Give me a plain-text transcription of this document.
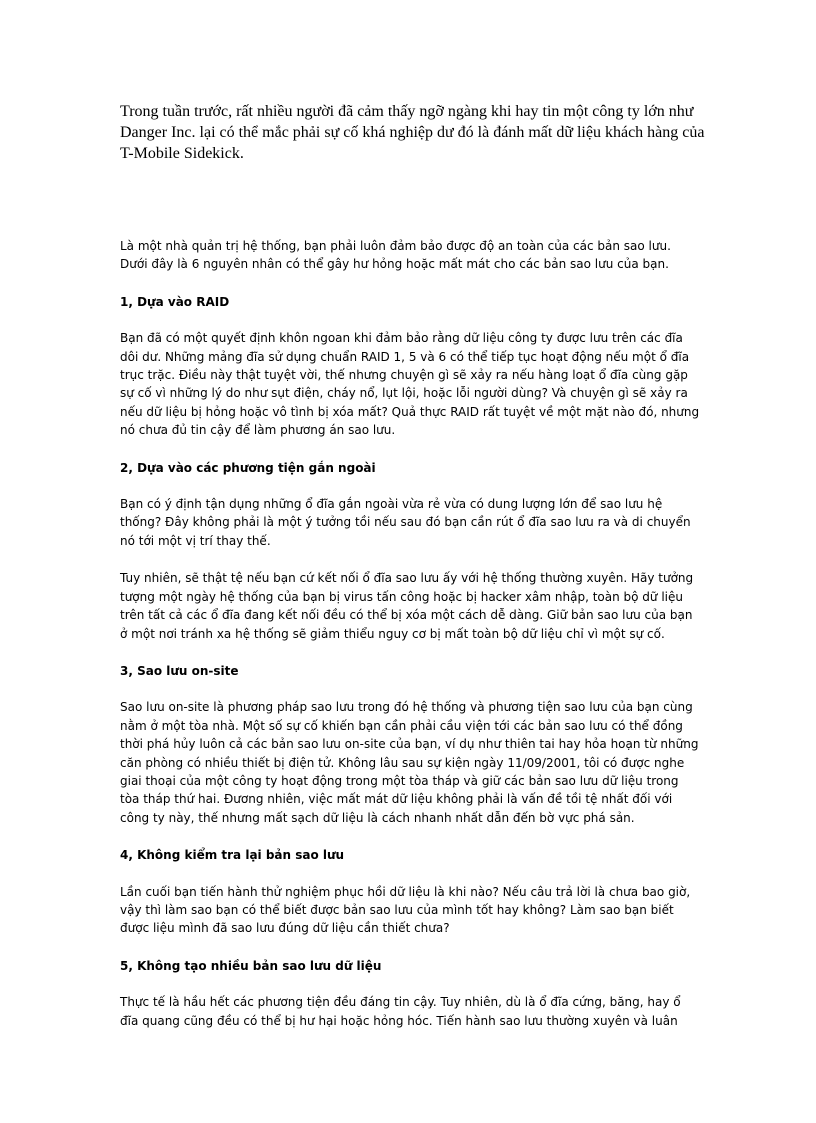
Trong tuần trước, rất nhiều người đã cảm thấy ngỡ ngàng khi hay tin một công ty lớn như Danger Inc. lại có thể mắc phải sự cố khá nghiệp dư đó là đánh mất dữ liệu khách hàng của T-Mobile Sidekick.

Là một nhà quản trị hệ thống, bạn phải luôn đảm bảo được độ an toàn của các bản sao lưu. Dưới đây là 6 nguyên nhân có thể gây hư hỏng hoặc mất mát cho các bản sao lưu của bạn.

1, Dựa vào RAID

Bạn đã có một quyết định khôn ngoan khi đảm bảo rằng dữ liệu công ty được lưu trên các đĩa dôi dư. Những mảng đĩa sử dụng chuẩn RAID 1, 5 và 6 có thể tiếp tục hoạt động nếu một ổ đĩa trục trặc. Điều này thật tuyệt vời, thế nhưng chuyện gì sẽ xảy ra nếu hàng loạt ổ đĩa cùng gặp sự cố vì những lý do như sụt điện, cháy nổ, lụt lội, hoặc lỗi người dùng? Và chuyện gì sẽ xảy ra nếu dữ liệu bị hỏng hoặc vô tình bị xóa mất? Quả thực RAID rất tuyệt về một mặt nào đó, nhưng nó chưa đủ tin cậy để làm phương án sao lưu.

2, Dựa vào các phương tiện gắn ngoài

Bạn có ý định tận dụng những ổ đĩa gắn ngoài vừa rẻ vừa có dung lượng lớn để sao lưu hệ thống? Đây không phải là một ý tưởng tồi nếu sau đó bạn cần rút ổ đĩa sao lưu ra và di chuyển nó tới một vị trí thay thế.

Tuy nhiên, sẽ thật tệ nếu bạn cứ kết nối ổ đĩa sao lưu ấy với hệ thống thường xuyên. Hãy tưởng tượng một ngày hệ thống của bạn bị virus tấn công hoặc bị hacker xâm nhập, toàn bộ dữ liệu trên tất cả các ổ đĩa đang kết nối đều có thể bị xóa một cách dễ dàng. Giữ bản sao lưu của bạn ở một nơi tránh xa hệ thống sẽ giảm thiểu nguy cơ bị mất toàn bộ dữ liệu chỉ vì một sự cố.

3, Sao lưu on-site

Sao lưu on-site là phương pháp sao lưu trong đó hệ thống và phương tiện sao lưu của bạn cùng nằm ở một tòa nhà. Một số sự cố khiến bạn cần phải cầu viện tới các bản sao lưu có thể đồng thời phá hủy luôn cả các bản sao lưu on-site của bạn, ví dụ như thiên tai hay hỏa hoạn từ những căn phòng có nhiều thiết bị điện tử. Không lâu sau sự kiện ngày 11/09/2001, tôi có được nghe giai thoại của một công ty hoạt động trong một tòa tháp và giữ các bản sao lưu dữ liệu trong tòa tháp thứ hai. Đương nhiên, việc mất mát dữ liệu không phải là vấn đề tồi tệ nhất đối với công ty này, thế nhưng mất sạch dữ liệu là cách nhanh nhất dẫn đến bờ vực phá sản.

4, Không kiểm tra lại bản sao lưu

Lần cuối bạn tiến hành thử nghiệm phục hồi dữ liệu là khi nào? Nếu câu trả lời là chưa bao giờ, vậy thì làm sao bạn có thể biết được bản sao lưu của mình tốt hay không? Làm sao bạn biết được liệu mình đã sao lưu đúng dữ liệu cần thiết chưa?

5, Không tạo nhiều bản sao lưu dữ liệu

Thực tế là hầu hết các phương tiện đều đáng tin cậy. Tuy nhiên, dù là ổ đĩa cứng, băng, hay ổ đĩa quang cũng đều có thể bị hư hại hoặc hỏng hóc. Tiến hành sao lưu thường xuyên và luân
